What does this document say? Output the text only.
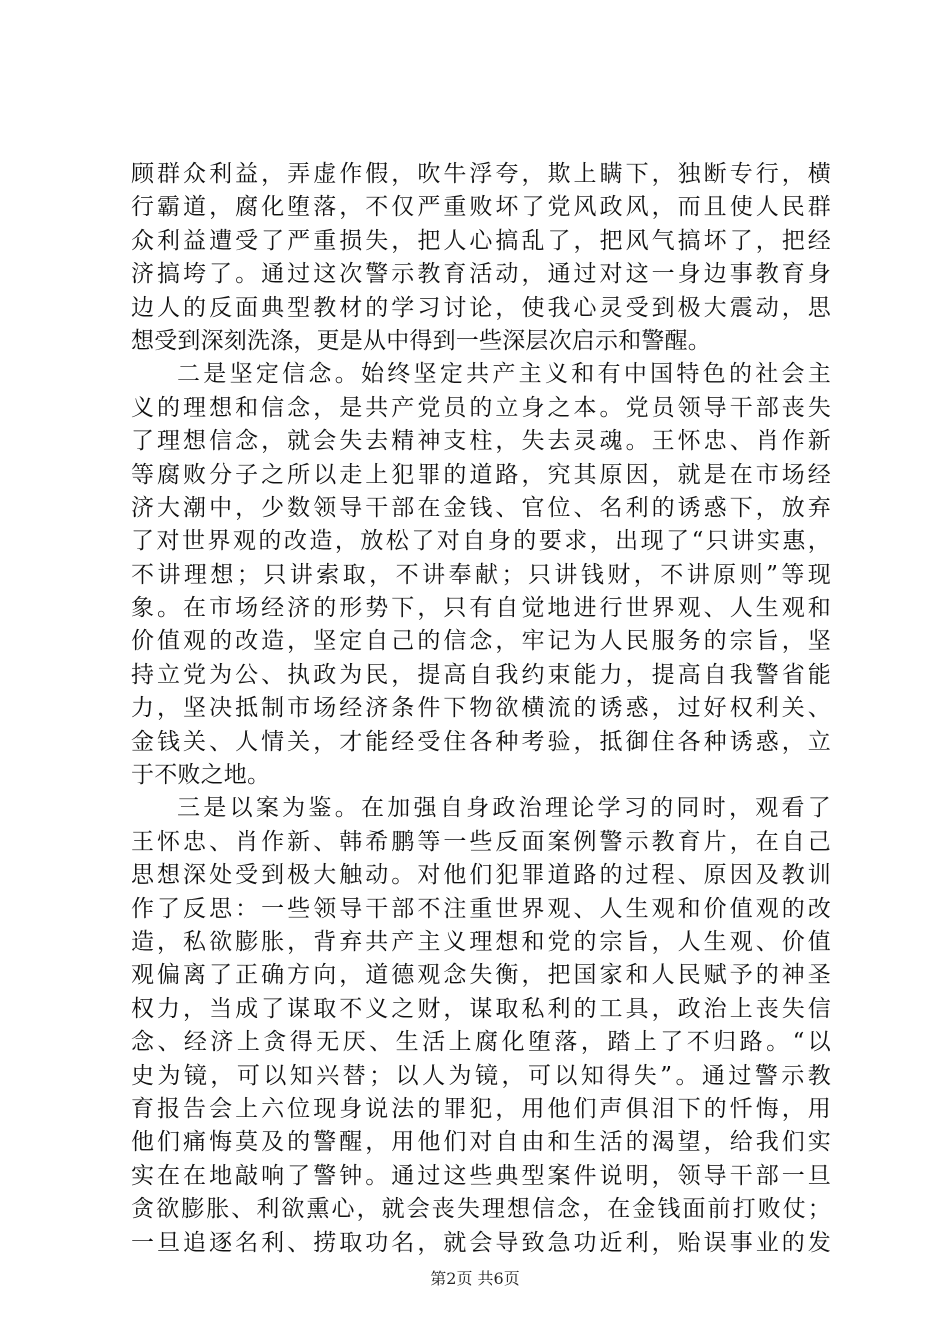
顾群众利益，弄虚作假，吹牛浮夸，欺上瞒下，独断专行，横
行霸道，腐化堕落，不仅严重败坏了党风政风，而且使人民群
众利益遭受了严重损失，把人心搞乱了，把风气搞坏了，把经
济搞垮了。通过这次警示教育活动，通过对这一身边事教育身
边人的反面典型教材的学习讨论，使我心灵受到极大震动，思
想受到深刻洗涤，更是从中得到一些深层次启示和警醒。
二是坚定信念。始终坚定共产主义和有中国特色的社会主
义的理想和信念，是共产党员的立身之本。党员领导干部丧失
了理想信念，就会失去精神支柱，失去灵魂。王怀忠、肖作新
等腐败分子之所以走上犯罪的道路，究其原因，就是在市场经
济大潮中，少数领导干部在金钱、官位、名利的诱惑下，放弃
了对世界观的改造，放松了对自身的要求，出现了“只讲实惠，
不讲理想；只讲索取，不讲奉献；只讲钱财，不讲原则”等现
象。在市场经济的形势下，只有自觉地进行世界观、人生观和
价值观的改造，坚定自己的信念，牢记为人民服务的宗旨，坚
持立党为公、执政为民，提高自我约束能力，提高自我警省能
力，坚决抵制市场经济条件下物欲横流的诱惑，过好权利关、
金钱关、人情关，才能经受住各种考验，抵御住各种诱惑，立
于不败之地。
三是以案为鉴。在加强自身政治理论学习的同时，观看了
王怀忠、肖作新、韩希鹏等一些反面案例警示教育片，在自己
思想深处受到极大触动。对他们犯罪道路的过程、原因及教训
作了反思：一些领导干部不注重世界观、人生观和价值观的改
造，私欲膨胀，背弃共产主义理想和党的宗旨，人生观、价值
观偏离了正确方向，道德观念失衡，把国家和人民赋予的神圣
权力，当成了谋取不义之财，谋取私利的工具，政治上丧失信
念、经济上贪得无厌、生活上腐化堕落，踏上了不归路。“以
史为镜，可以知兴替；以人为镜，可以知得失”。通过警示教
育报告会上六位现身说法的罪犯，用他们声俱泪下的忏悔，用
他们痛悔莫及的警醒，用他们对自由和生活的渴望，给我们实
实在在地敲响了警钟。通过这些典型案件说明，领导干部一旦
贪欲膨胀、利欲熏心，就会丧失理想信念，在金钱面前打败仗；
一旦追逐名利、捞取功名，就会导致急功近利，贻误事业的发
第2页 共6页
